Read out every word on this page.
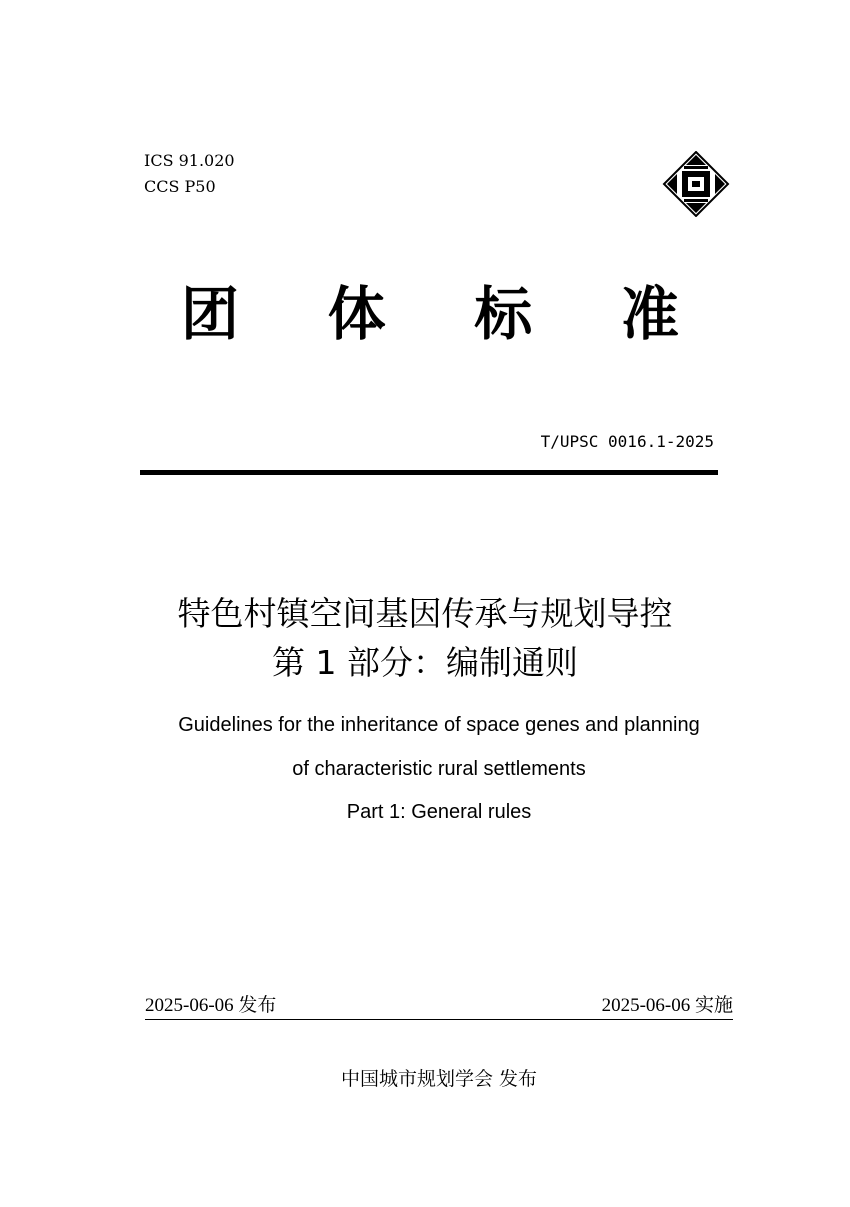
ICS 91.020
CCS P50
团	体	标	准
T/UPSC 0016.1-2025
特色村镇空间基因传承与规划导控
第 1 部分：编制通则
Guidelines for the inheritance of space genes and planning
of characteristic rural settlements
Part 1: General rules
2025-06-06 发布	2025-06-06 实施
中国城市规划学会 发布
